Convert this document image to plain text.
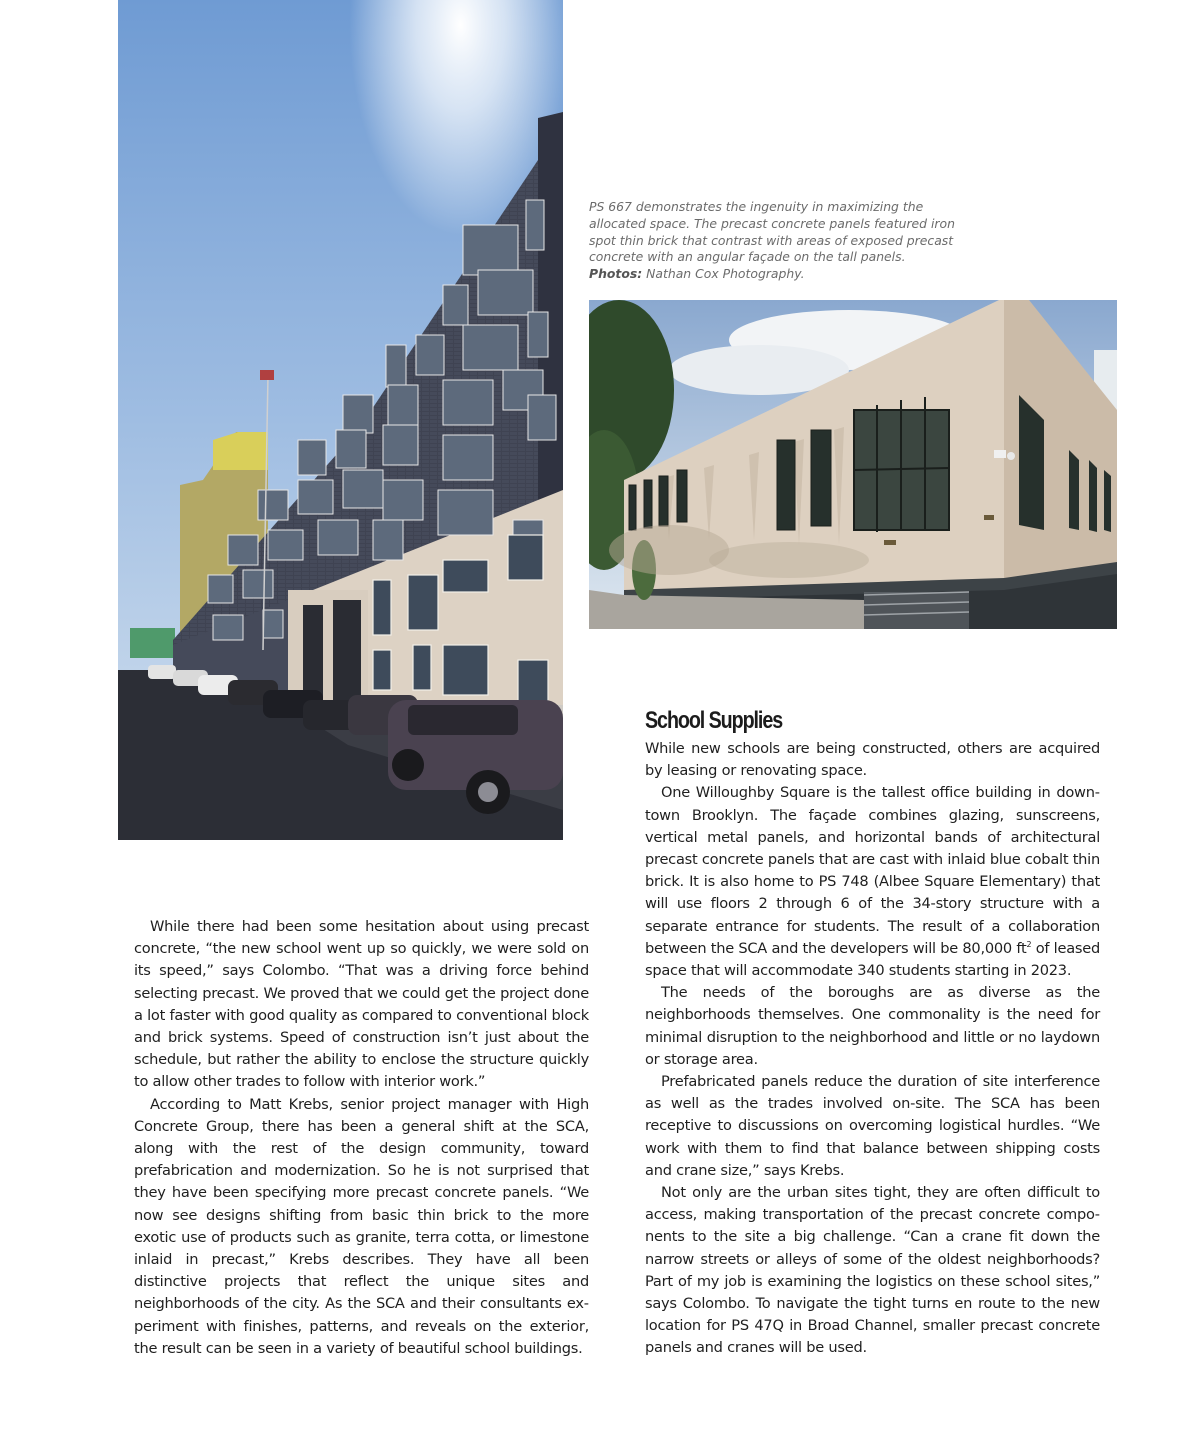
PS 667 demonstrates the ingenuity in maximizing the allocated space. The precast concrete panels featured iron spot thin brick that contrast with areas of exposed precast concrete with an angular façade on the tall panels.
Photos: Nathan Cox Photography.
School Supplies

While there had been some hesitation about using precast concrete, “the new school went up so quickly, we were sold on its speed,” says Colombo. “That was a driving force behind selecting precast. We proved that we could get the project done a lot faster with good quality as compared to conventional block and brick systems. Speed of construction isn’t just about the schedule, but rather the ability to enclose the structure quickly to allow other trades to follow with interior work.”

According to Matt Krebs, senior project manager with High Concrete Group, there has been a general shift at the SCA, along with the rest of the design community, toward prefabrication and modernization. So he is not surprised that they have been specifying more precast concrete panels. “We now see designs shifting from basic thin brick to the more exotic use of products such as granite, terra cotta, or limestone inlaid in precast,” Krebs describes. They have all been distinctive projects that reflect the unique sites and neighborhoods of the city. As the SCA and their consultants experiment with finishes, patterns, and reveals on the exterior, the result can be seen in a variety of beautiful school buildings.

While new schools are being constructed, others are acquired by leasing or renovating space.

One Willoughby Square is the tallest office building in downtown Brooklyn. The façade combines glazing, sunscreens, vertical metal panels, and horizontal bands of architectural precast concrete panels that are cast with inlaid blue cobalt thin brick. It is also home to PS 748 (Albee Square Elementary) that will use floors 2 through 6 of the 34-story structure with a separate entrance for students. The result of a collaboration between the SCA and the developers will be 80,000 $ft^2$ of leased space that will accommodate 340 students starting in 2023.

The needs of the boroughs are as diverse as the neighborhoods themselves. One commonality is the need for minimal disruption to the neighborhood and little or no laydown or storage area.

Prefabricated panels reduce the duration of site interference as well as the trades involved on-site. The SCA has been receptive to discussions on overcoming logistical hurdles. “We work with them to find that balance between shipping costs and crane size,” says Krebs.

Not only are the urban sites tight, they are often difficult to access, making transportation of the precast concrete components to the site a big challenge. “Can a crane fit down the narrow streets or alleys of some of the oldest neighborhoods? Part of my job is examining the logistics on these school sites,” says Colombo. To navigate the tight turns en route to the new location for PS 47Q in Broad Channel, smaller precast concrete panels and cranes will be used.
